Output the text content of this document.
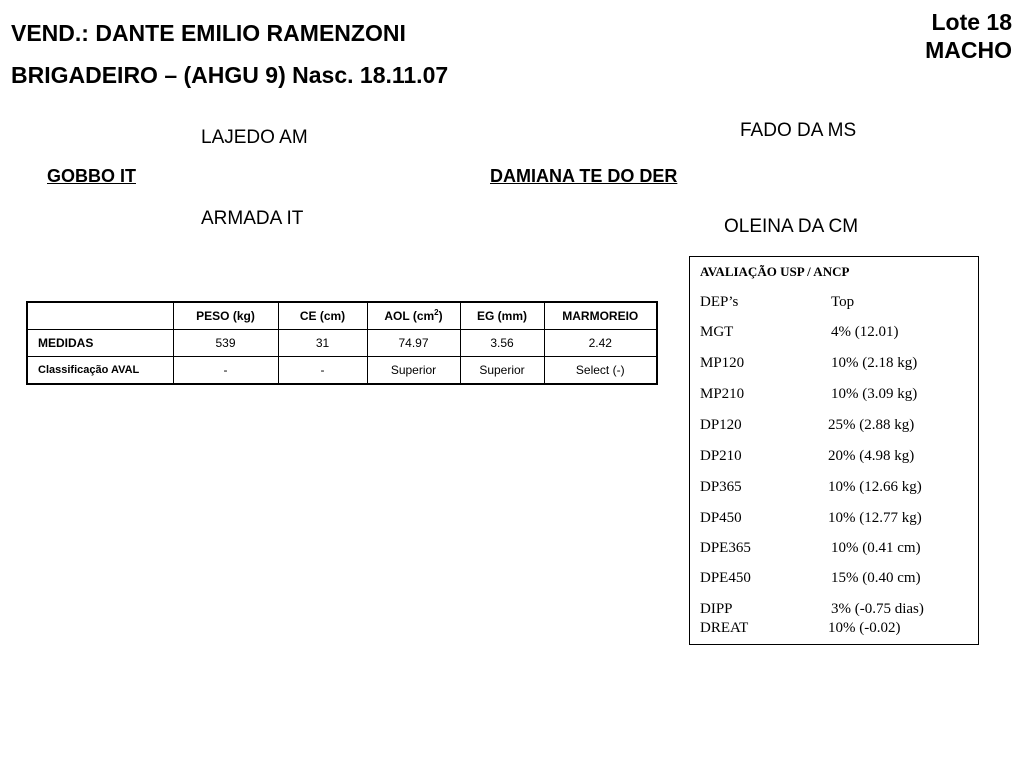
VEND.: DANTE EMILIO RAMENZONI
BRIGADEIRO – (AHGU 9) Nasc. 18.11.07
Lote 18
MACHO
LAJEDO AM
GOBBO IT
ARMADA IT
FADO DA MS
DAMIANA TE DO DER
OLEINA DA CM
	PESO (kg)	CE (cm)	AOL $(cm^2)$	EG (mm)	MARMOREIO
MEDIDAS	539	31	74.97	3.56	2.42
Classificação AVAL	-	-	Superior	Superior	Select (-)
AVALIAÇÃO USP / ANCP
DEP’s	Top
MGT	4% (12.01)
MP120	10% (2.18 kg)
MP210	10% (3.09 kg)
DP120	25% (2.88 kg)
DP210	20% (4.98 kg)
DP365	10% (12.66 kg)
DP450	10% (12.77 kg)
DPE365	10% (0.41 cm)
DPE450	15% (0.40 cm)
DIPP	3% (-0.75 dias)
DREAT	10% (-0.02)
